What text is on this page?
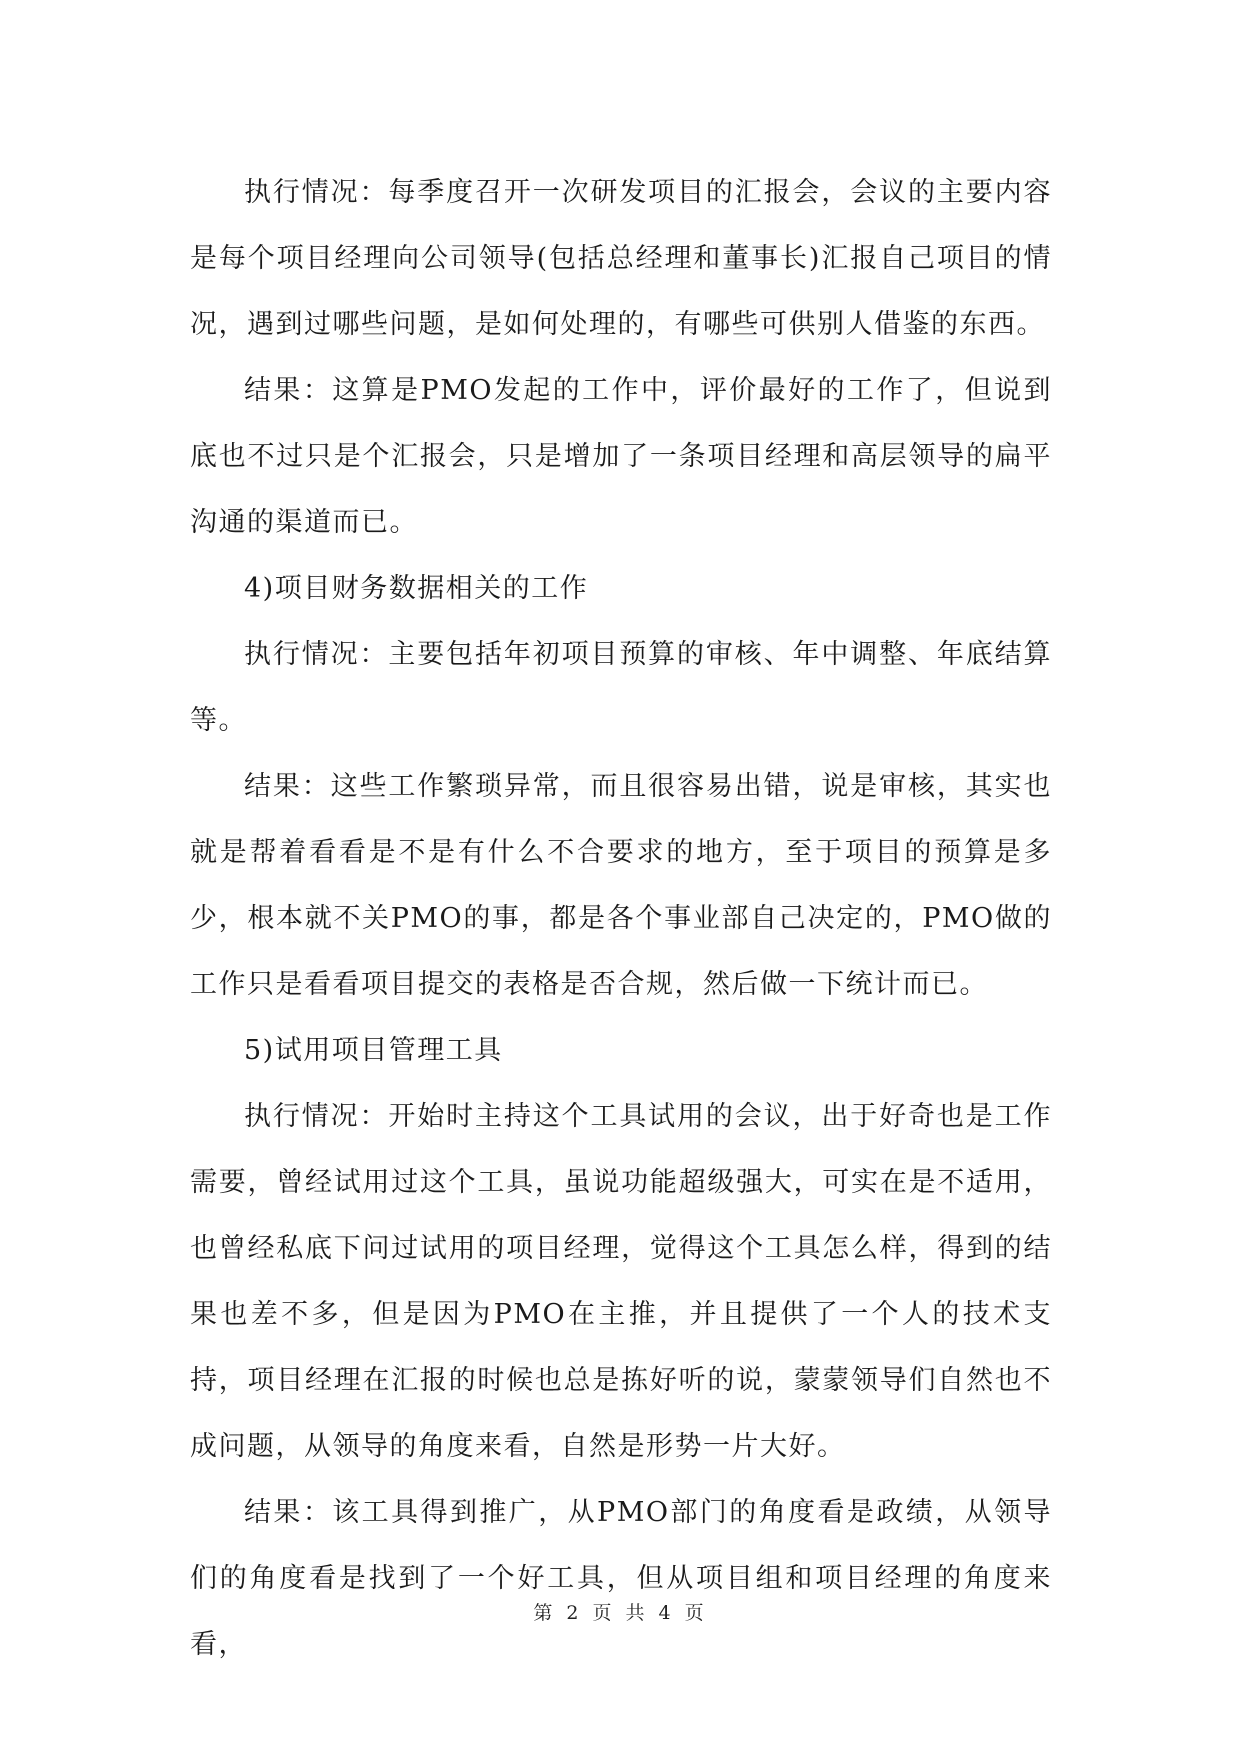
执行情况：每季度召开一次研发项目的汇报会，会议的主要内容是每个项目经理向公司领导(包括总经理和董事长)汇报自己项目的情况，遇到过哪些问题，是如何处理的，有哪些可供别人借鉴的东西。

结果：这算是PMO发起的工作中，评价最好的工作了，但说到底也不过只是个汇报会，只是增加了一条项目经理和高层领导的扁平沟通的渠道而已。

4)项目财务数据相关的工作

执行情况：主要包括年初项目预算的审核、年中调整、年底结算等。

结果：这些工作繁琐异常，而且很容易出错，说是审核，其实也就是帮着看看是不是有什么不合要求的地方，至于项目的预算是多少，根本就不关PMO的事，都是各个事业部自己决定的，PMO做的工作只是看看项目提交的表格是否合规，然后做一下统计而已。

5)试用项目管理工具

执行情况：开始时主持这个工具试用的会议，出于好奇也是工作需要，曾经试用过这个工具，虽说功能超级强大，可实在是不适用，也曾经私底下问过试用的项目经理，觉得这个工具怎么样，得到的结果也差不多，但是因为PMO在主推，并且提供了一个人的技术支持，项目经理在汇报的时候也总是拣好听的说，蒙蒙领导们自然也不成问题，从领导的角度来看，自然是形势一片大好。

结果：该工具得到推广，从PMO部门的角度看是政绩，从领导们的角度看是找到了一个好工具，但从项目组和项目经理的角度来看，

第 2 页 共 4 页
